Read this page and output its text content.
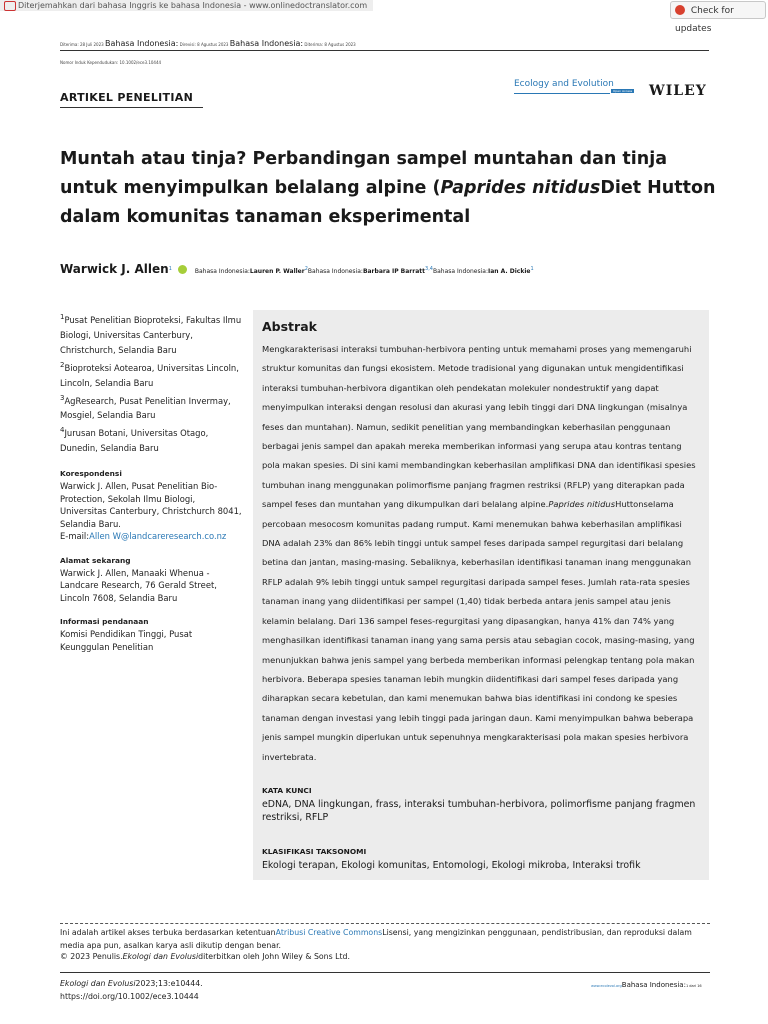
Diterjemahkan dari bahasa Inggris ke bahasa Indonesia - www.onlinedoctranslator.com
Check for updates
Diterima: 28 Juli 2023 Bahasa Indonesia: Direvisi: 8 Agustus 2023 Bahasa Indonesia: Diterima: 8 Agustus 2023
Nomor Induk Kependudukan: 10.1002/ece3.10444
ARTIKEL PENELITIAN
Ecology and Evolution
Open Access WILEY
Muntah atau tinja? Perbandingan sampel muntahan dan tinja untuk menyimpulkan belalang alpine (Paprides nitidusDiet Hutton dalam komunitas tanaman eksperimental
Warwick J. Allen$^1$	Bahasa Indonesia:Lauren P. Waller$^2$Bahasa Indonesia:Barbara IP Barratt$^{3,4}$Bahasa Indonesia:Ian A. Dickie$^1$

$^1$Pusat Penelitian Bioproteksi, Fakultas Ilmu Biologi, Universitas Canterbury, Christchurch, Selandia Baru

$^2$Bioproteksi Aotearoa, Universitas Lincoln, Lincoln, Selandia Baru

$^3$AgResearch, Pusat Penelitian Invermay, Mosgiel, Selandia Baru

$^4$Jurusan Botani, Universitas Otago, Dunedin, Selandia Baru

Korespondensi
Warwick J. Allen, Pusat Penelitian Bio-Protection, Sekolah Ilmu Biologi, Universitas Canterbury, Christchurch 8041, Selandia Baru.
E-mail:Allen W@landcareresearch.co.nz
Alamat sekarang
Warwick J. Allen, Manaaki Whenua - Landcare Research, 76 Gerald Street, Lincoln 7608, Selandia Baru
Informasi pendanaan
Komisi Pendidikan Tinggi, Pusat Keunggulan Penelitian
Abstrak
Mengkarakterisasi interaksi tumbuhan-herbivora penting untuk memahami proses yang memengaruhi struktur komunitas dan fungsi ekosistem. Metode tradisional yang digunakan untuk mengidentifikasi interaksi tumbuhan-herbivora digantikan oleh pendekatan molekuler nondestruktif yang dapat menyimpulkan interaksi dengan resolusi dan akurasi yang lebih tinggi dari DNA lingkungan (misalnya feses dan muntahan). Namun, sedikit penelitian yang membandingkan keberhasilan penggunaan berbagai jenis sampel dan apakah mereka memberikan informasi yang serupa atau kontras tentang pola makan spesies. Di sini kami membandingkan keberhasilan amplifikasi DNA dan identifikasi spesies tumbuhan inang menggunakan polimorfisme panjang fragmen restriksi (RFLP) yang diterapkan pada sampel feses dan muntahan yang dikumpulkan dari belalang alpine.Paprides nitidusHuttonselama percobaan mesocosm komunitas padang rumput. Kami menemukan bahwa keberhasilan amplifikasi DNA adalah 23% dan 86% lebih tinggi untuk sampel feses daripada sampel regurgitasi dari belalang betina dan jantan, masing-masing. Sebaliknya, keberhasilan identifikasi tanaman inang menggunakan RFLP adalah 9% lebih tinggi untuk sampel regurgitasi daripada sampel feses. Jumlah rata-rata spesies tanaman inang yang diidentifikasi per sampel (1,40) tidak berbeda antara jenis sampel atau jenis kelamin belalang. Dari 136 sampel feses-regurgitasi yang dipasangkan, hanya 41% dan 74% yang menghasilkan identifikasi tanaman inang yang sama persis atau sebagian cocok, masing-masing, yang menunjukkan bahwa jenis sampel yang berbeda memberikan informasi pelengkap tentang pola makan herbivora. Beberapa spesies tanaman lebih mungkin diidentifikasi dari sampel feses daripada yang diharapkan secara kebetulan, dan kami menemukan bahwa bias identifikasi ini condong ke spesies tanaman dengan investasi yang lebih tinggi pada jaringan daun. Kami menyimpulkan bahwa beberapa jenis sampel mungkin diperlukan untuk sepenuhnya mengkarakterisasi pola makan spesies herbivora invertebrata.
KATA KUNCI
eDNA, DNA lingkungan, frass, interaksi tumbuhan-herbivora, polimorfisme panjang fragmen restriksi, RFLP
KLASIFIKASI TAKSONOMI
Ekologi terapan, Ekologi komunitas, Entomologi, Ekologi mikroba, Interaksi trofik
Ini adalah artikel akses terbuka berdasarkan ketentuanAtribusi Creative CommonsLisensi, yang mengizinkan penggunaan, pendistribusian, dan reproduksi dalam media apa pun, asalkan karya asli dikutip dengan benar.
© 2023 Penulis.Ekologi dan Evolusiditerbitkan oleh John Wiley & Sons Ltd.
Ekologi dan Evolusi2023;13:e10444.
https://doi.org/10.1002/ece3.10444
www.ecolevol.orgBahasa Indonesia:1 dari 16
